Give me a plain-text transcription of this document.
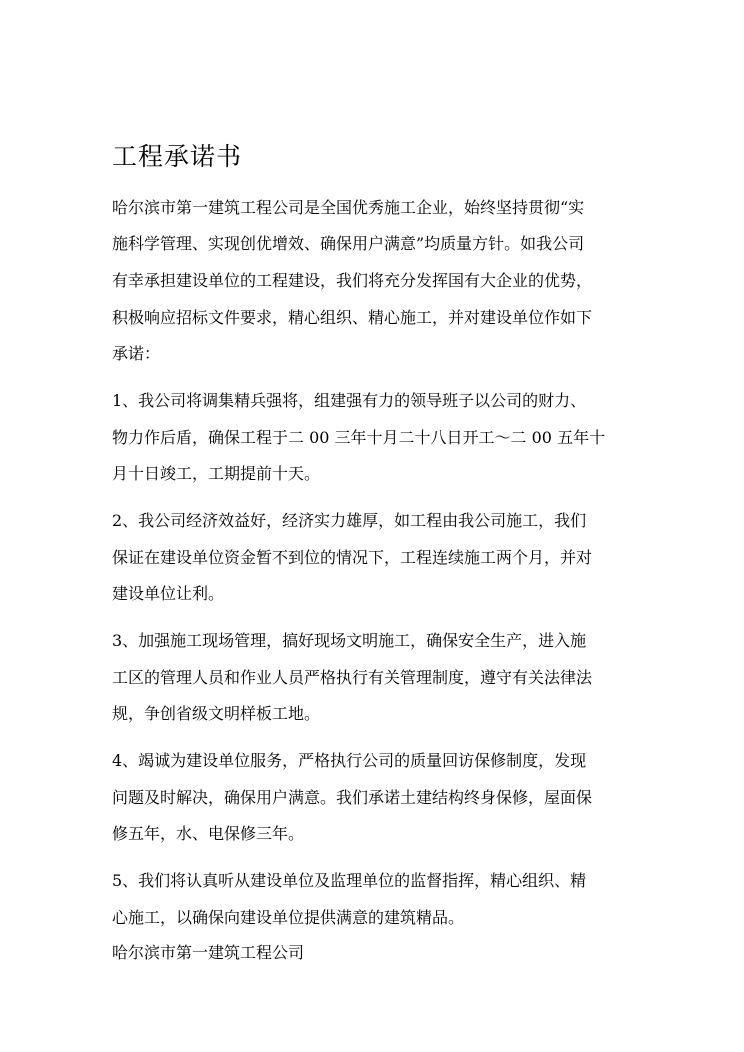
工程承诺书
哈尔滨市第一建筑工程公司是全国优秀施工企业，始终坚持贯彻“实
施科学管理、实现创优增效、确保用户满意”均质量方针。如我公司
有幸承担建设单位的工程建设，我们将充分发挥国有大企业的优势，
积极响应招标文件要求，精心组织、精心施工，并对建设单位作如下
承诺：
1、我公司将调集精兵强将，组建强有力的领导班子以公司的财力、
物力作后盾，确保工程于二 00 三年十月二十八日开工～二 00 五年十
月十日竣工，工期提前十天。
2、我公司经济效益好，经济实力雄厚，如工程由我公司施工，我们
保证在建设单位资金暂不到位的情况下，工程连续施工两个月，并对
建设单位让利。
3、加强施工现场管理，搞好现场文明施工，确保安全生产，进入施
工区的管理人员和作业人员严格执行有关管理制度，遵守有关法律法
规，争创省级文明样板工地。
4、竭诚为建设单位服务，严格执行公司的质量回访保修制度，发现
问题及时解决，确保用户满意。我们承诺土建结构终身保修，屋面保
修五年，水、电保修三年。
5、我们将认真听从建设单位及监理单位的监督指挥，精心组织、精
心施工，以确保向建设单位提供满意的建筑精品。
哈尔滨市第一建筑工程公司
